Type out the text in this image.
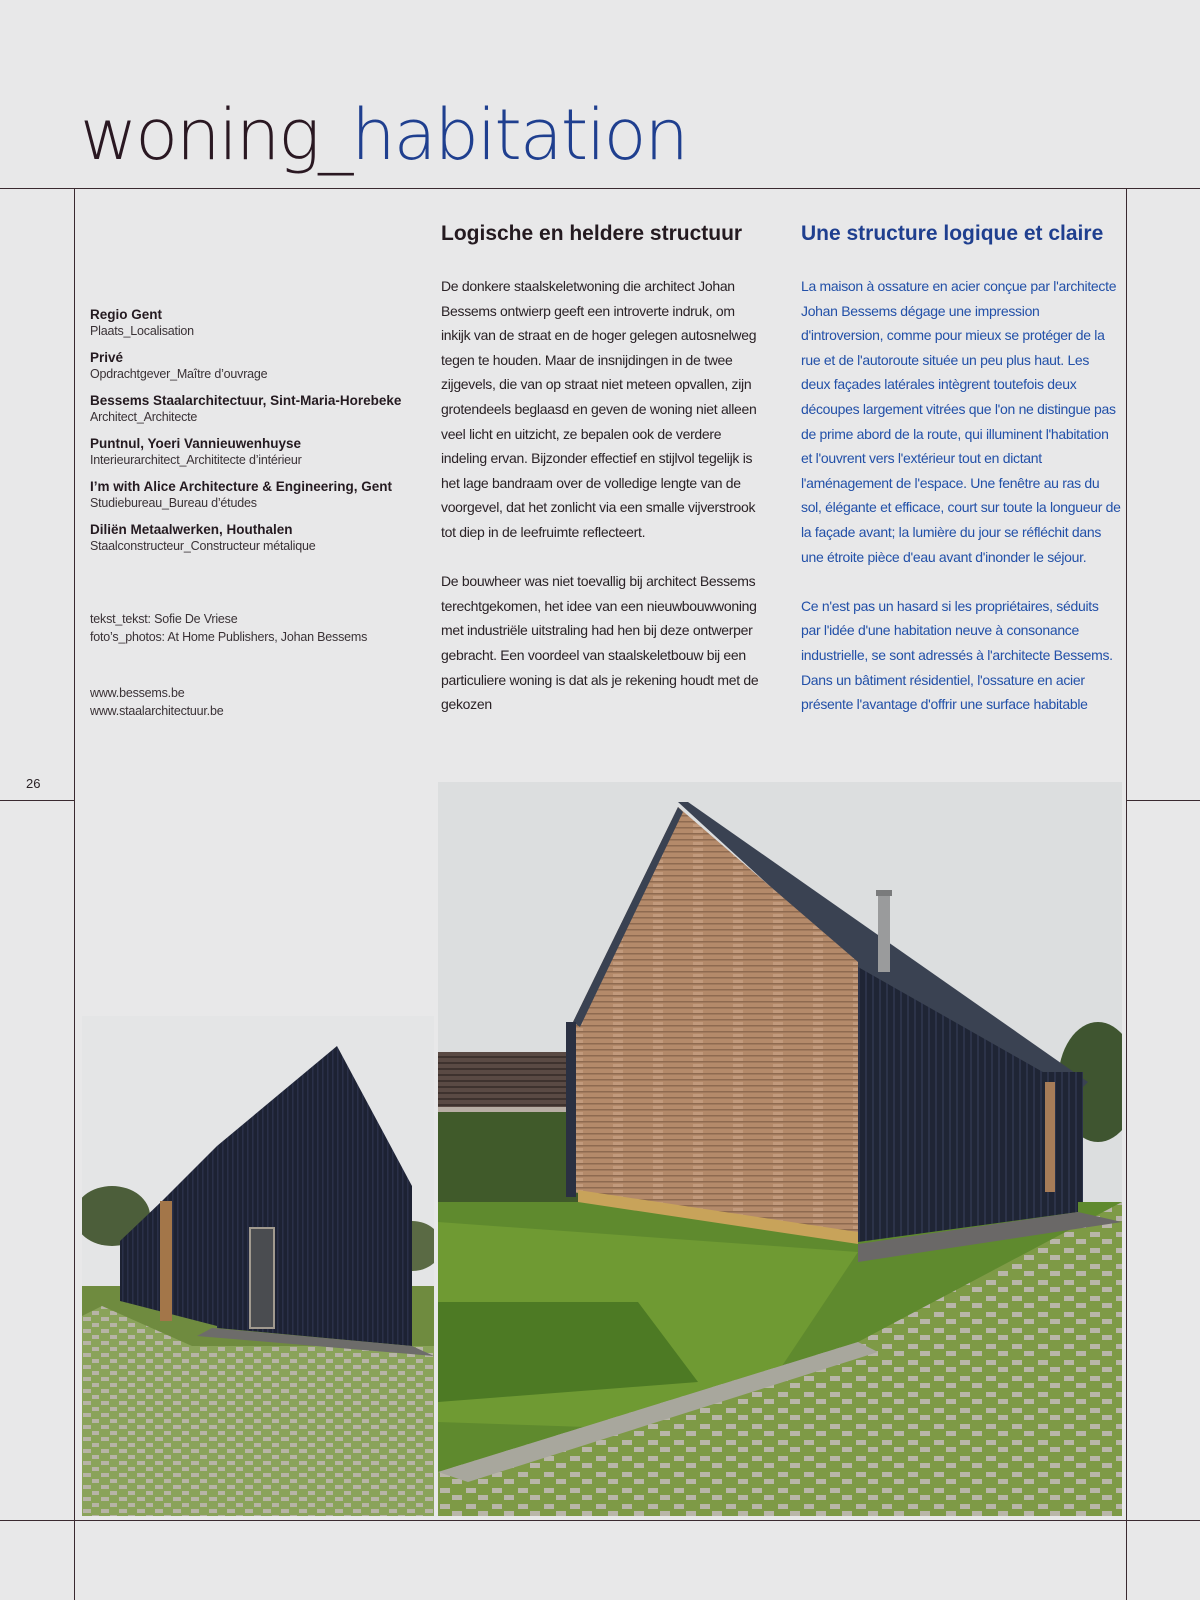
woning_habitation
Regio Gent
Plaats_Localisation
Privé
Opdrachtgever_Maître d’ouvrage
Bessems Staalarchitectuur, Sint-Maria-Horebeke
Architect_Architecte
Puntnul, Yoeri Vannieuwenhuyse
Interieurarchitect_Archititecte d’intérieur
I’m with Alice Architecture & Engineering, Gent
Studiebureau_Bureau d’études
Diliën Metaalwerken, Houthalen
Staalconstructeur_Constructeur métalique
tekst_tekst: Sofie De Vriese
foto’s_photos: At Home Publishers, Johan Bessems
www.bessems.be
www.staalarchitectuur.be
26
Logische en heldere structuur

De donkere staalskeletwoning die architect Johan Bessems ontwierp geeft een introverte indruk, om inkijk van de straat en de hoger gelegen autosnelweg tegen te houden. Maar de insnijdingen in de twee zijgevels, die van op straat niet meteen opvallen, zijn grotendeels beglaasd en geven de woning niet alleen veel licht en uitzicht, ze bepalen ook de verdere indeling ervan. Bijzonder effectief en stijlvol tegelijk is het lage bandraam over de volledige lengte van de voorgevel, dat het zonlicht via een smalle vijverstrook tot diep in de leefruimte reflecteert.

De bouwheer was niet toevallig bij architect Bessems terechtgekomen, het idee van een nieuwbouwwoning met industriële uitstraling had hen bij deze ontwerper gebracht. Een voordeel van staalskeletbouw bij een particuliere woning is dat als je rekening houdt met de gekozen

Une structure logique et claire

La maison à ossature en acier conçue par l'architecte Johan Bessems dégage une impression d'introversion, comme pour mieux se protéger de la rue et de l'autoroute située un peu plus haut. Les deux façades latérales intègrent toutefois deux découpes largement vitrées que l'on ne distingue pas de prime abord de la route, qui illuminent l'habitation et l'ouvrent vers l'extérieur tout en dictant l'aménagement de l'espace. Une fenêtre au ras du sol, élégante et efficace, court sur toute la longueur de la façade avant; la lumière du jour se réfléchit dans une étroite pièce d'eau avant d'inonder le séjour.

Ce n'est pas un hasard si les propriétaires, séduits par l'idée d'une habitation neuve à consonance industrielle, se sont adressés à l'architecte Bessems. Dans un bâtiment résidentiel, l'ossature en acier présente l'avantage d'offrir une surface habitable
